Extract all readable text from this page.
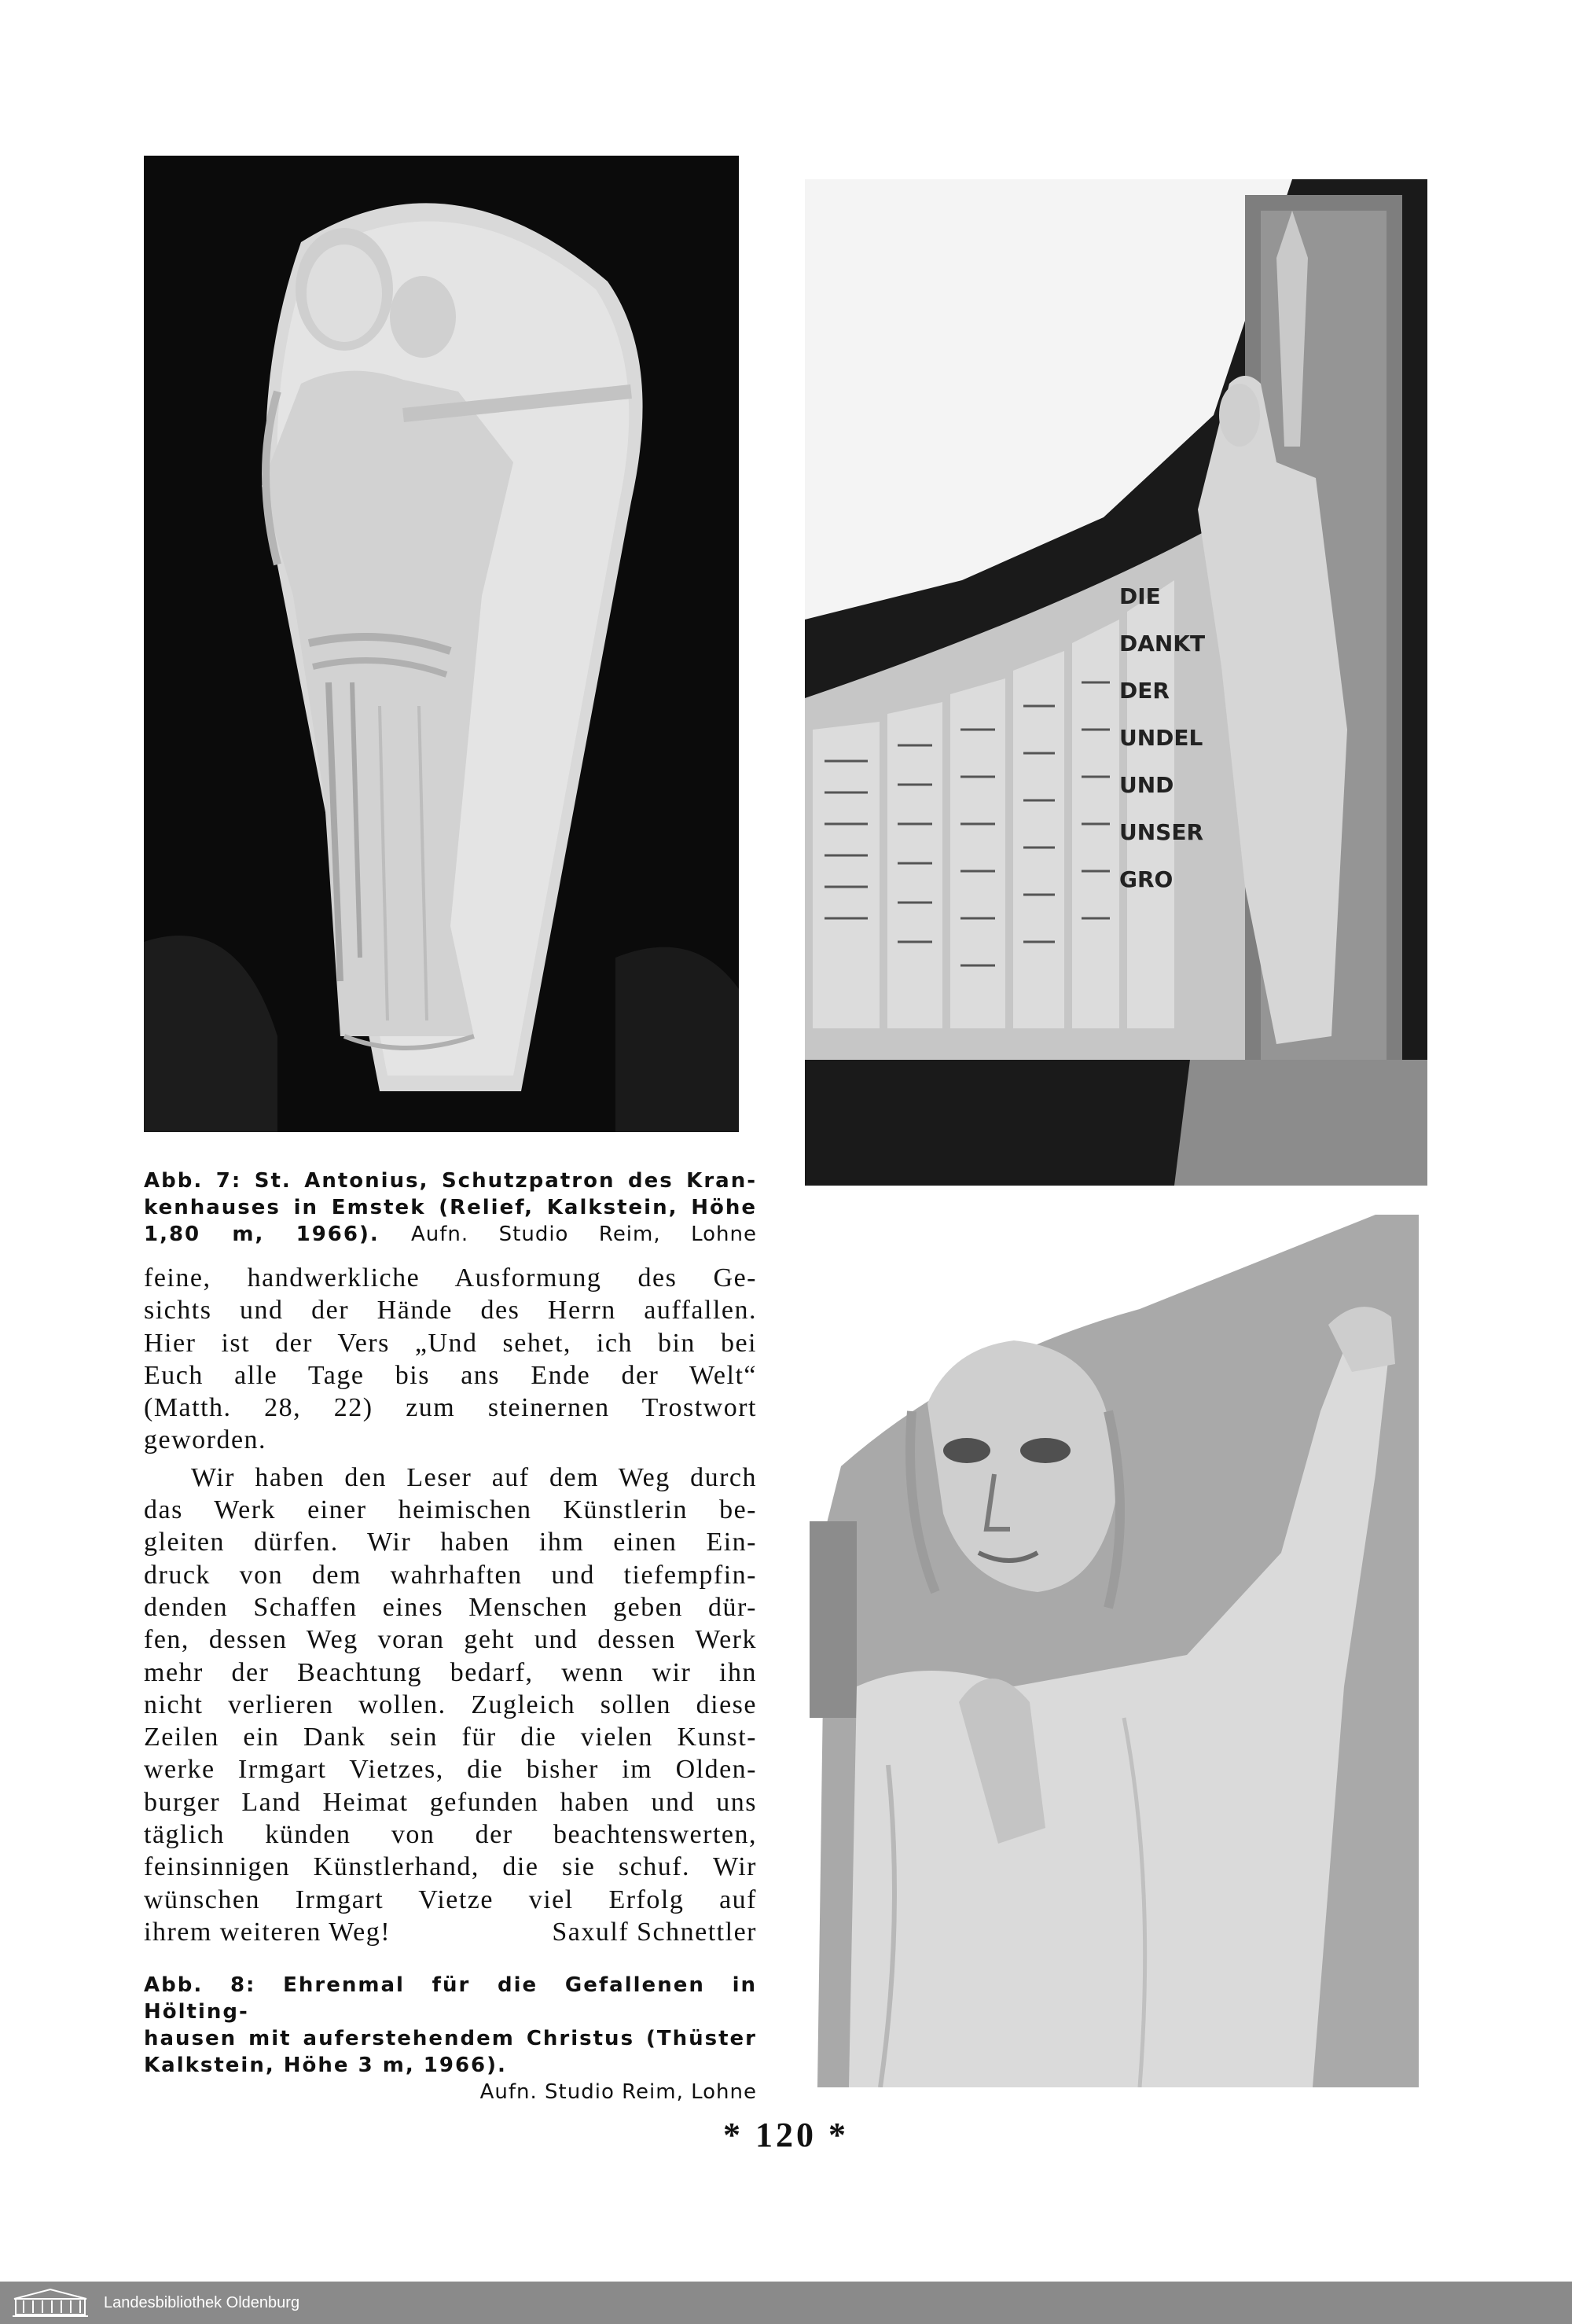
DIE
DANKT
DER
UNDEL
UND
UNSER
GRO
Abb. 7: St. Antonius, Schutzpatron des Kran-
kenhauses in Emstek (Relief, Kalkstein, Höhe
1,80 m, 1966). Aufn. Studio Reim, Lohne

feine, handwerkliche Ausformung des Ge-

sichts und der Hände des Herrn auffallen.

Hier ist der Vers „Und sehet, ich bin bei

Euch alle Tage bis ans Ende der Welt“

(Matth. 28, 22) zum steinernen Trostwort

geworden.

Wir haben den Leser auf dem Weg durch

das Werk einer heimischen Künstlerin be-

gleiten dürfen. Wir haben ihm einen Ein-

druck von dem wahrhaften und tiefempfin-

denden Schaffen eines Menschen geben dür-

fen, dessen Weg voran geht und dessen Werk

mehr der Beachtung bedarf, wenn wir ihn

nicht verlieren wollen. Zugleich sollen diese

Zeilen ein Dank sein für die vielen Kunst-

werke Irmgart Vietzes, die bisher im Olden-

burger Land Heimat gefunden haben und uns

täglich künden von der beachtenswerten,

feinsinnigen Künstlerhand, die sie schuf. Wir

wünschen Irmgart Vietze viel Erfolg auf

ihrem weiteren Weg!	Saxulf Schnettler

Abb. 8: Ehrenmal für die Gefallenen in Hölting-
hausen mit auferstehendem Christus (Thüster
Kalkstein, Höhe 3 m, 1966).
Aufn. Studio Reim, Lohne
* 120 *
Landesbibliothek Oldenburg
